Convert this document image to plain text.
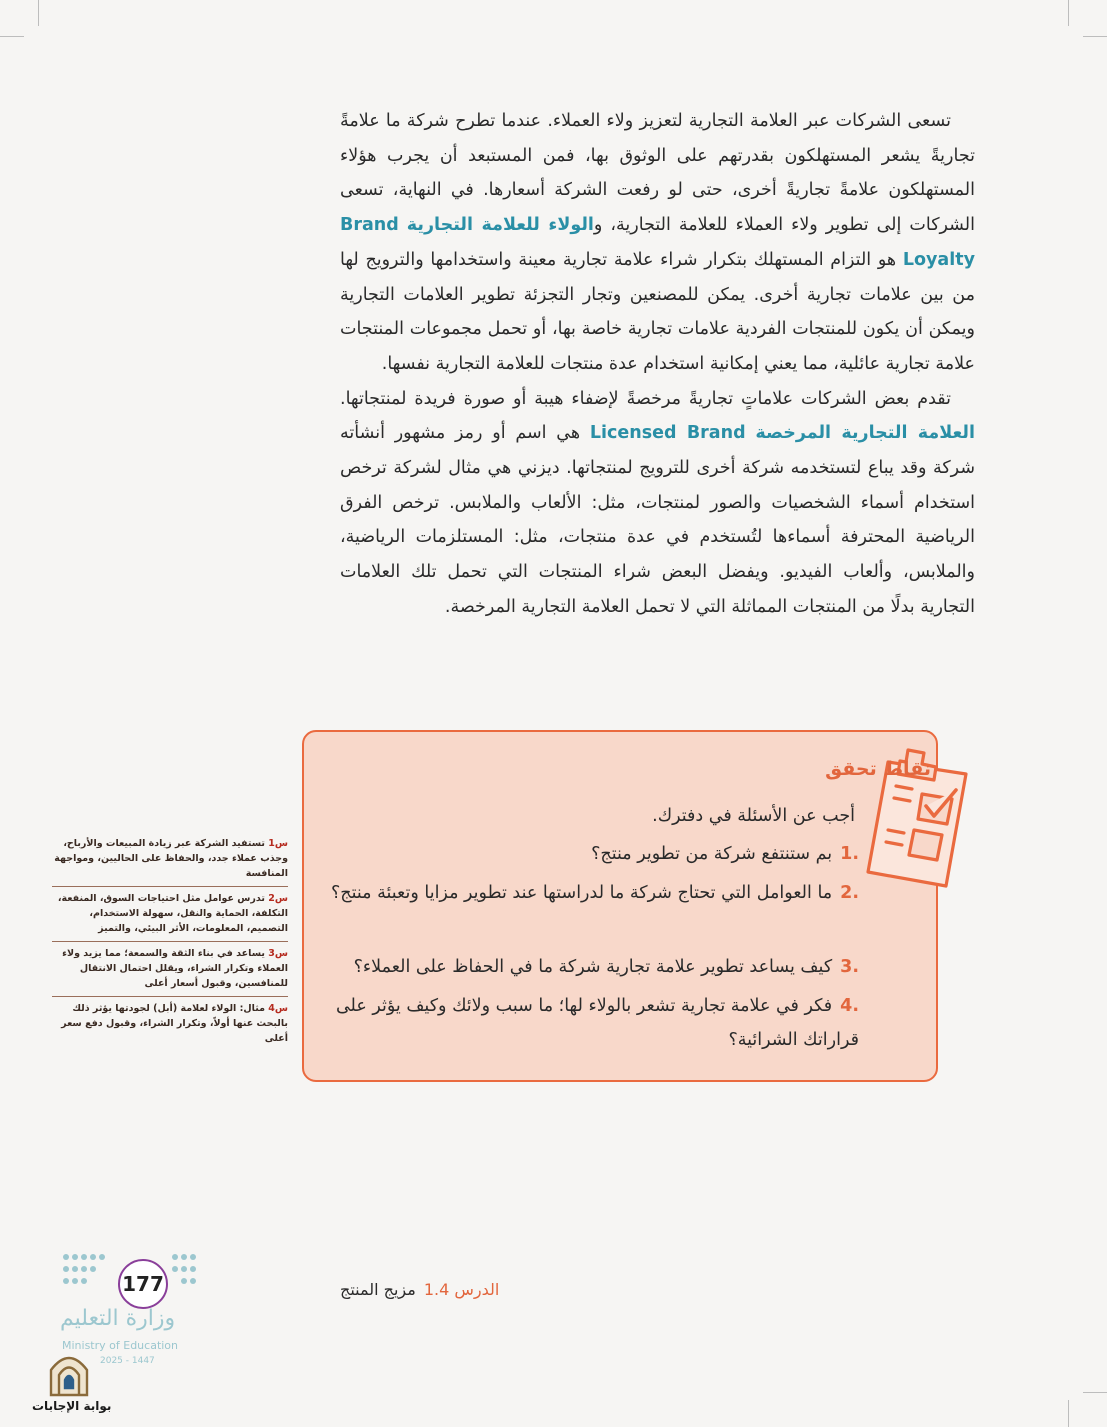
تسعى الشركات عبر العلامة التجارية لتعزيز ولاء العملاء. عندما تطرح شركة ما علامةً تجاريةً يشعر المستهلكون بقدرتهم على الوثوق بها، فمن المستبعد أن يجرب هؤلاء المستهلكون علامةً تجاريةً أخرى، حتى لو رفعت الشركة أسعارها. في النهاية، تسعى الشركات إلى تطوير ولاء العملاء للعلامة التجارية، والولاء للعلامة التجارية Brand Loyalty هو التزام المستهلك بتكرار شراء علامة تجارية معينة واستخدامها والترويج لها من بين علامات تجارية أخرى. يمكن للمصنعين وتجار التجزئة تطوير العلامات التجارية ويمكن أن يكون للمنتجات الفردية علامات تجارية خاصة بها، أو تحمل مجموعات المنتجات علامة تجارية عائلية، مما يعني إمكانية استخدام عدة منتجات للعلامة التجارية نفسها.

تقدم بعض الشركات علاماتٍ تجاريةً مرخصةً لإضفاء هيبة أو صورة فريدة لمنتجاتها. العلامة التجارية المرخصة Licensed Brand هي اسم أو رمز مشهور أنشأته شركة وقد يباع لتستخدمه شركة أخرى للترويج لمنتجاتها. ديزني هي مثال لشركة ترخص استخدام أسماء الشخصيات والصور لمنتجات، مثل: الألعاب والملابس. ترخص الفرق الرياضية المحترفة أسماءها لتُستخدم في عدة منتجات، مثل: المستلزمات الرياضية، والملابس، وألعاب الفيديو. ويفضل البعض شراء المنتجات التي تحمل تلك العلامات التجارية بدلًا من المنتجات المماثلة التي لا تحمل العلامة التجارية المرخصة.

س1 تستفيد الشركة عبر زيادة المبيعات والأرباح، وجذب عملاء جدد، والحفاظ على الحاليين، ومواجهة المنافسة
س2 تدرس عوامل مثل احتياجات السوق، المنفعة، التكلفة، الحماية والنقل، سهولة الاستخدام، التصميم، المعلومات، الأثر البيئي، والتميز
س3 يساعد في بناء الثقة والسمعة؛ مما يزيد ولاء العملاء وتكرار الشراء، ويقلل احتمال الانتقال للمنافسين، وقبول أسعار أعلى
س4 مثال: الولاء لعلامة (أبل) لجودتها يؤثر ذلك بالبحث عنها أولاً، وتكرار الشراء، وقبول دفع سعر أعلى
نقاط تحقق
أجب عن الأسئلة في دفترك.
.1بم ستنتفع شركة من تطوير منتج؟
.2ما العوامل التي تحتاج شركة ما لدراستها عند تطوير مزايا وتعبئة منتج؟
.3كيف يساعد تطوير علامة تجارية شركة ما في الحفاظ على العملاء؟
.4فكر في علامة تجارية تشعر بالولاء لها؛ ما سبب ولائك وكيف يؤثر على قراراتك الشرائية؟
177
وزارة التعليم
Ministry of Education
2025 - 1447
الدرس 1.4مزيج المنتج
بوابة الإجابات
